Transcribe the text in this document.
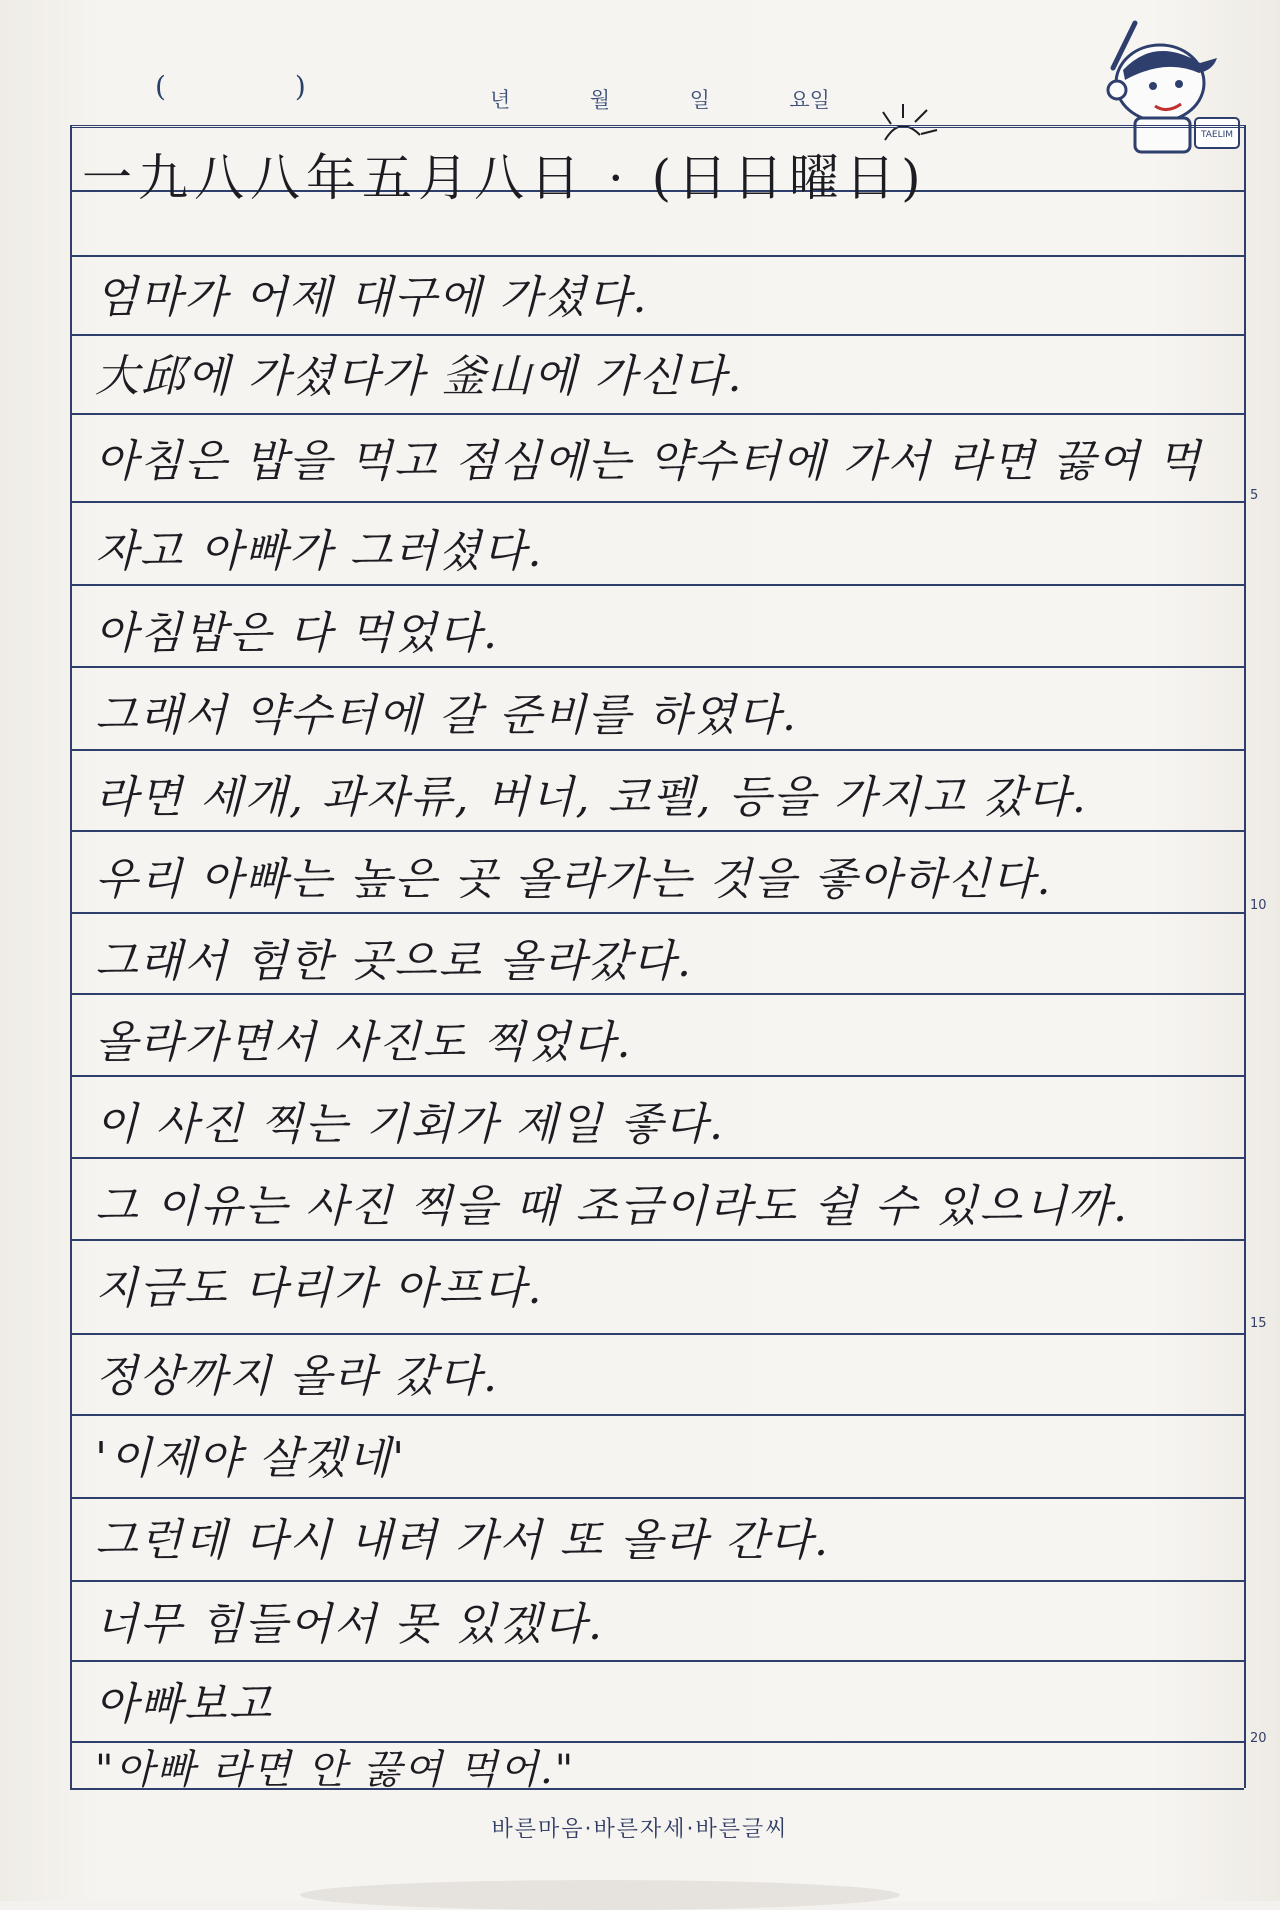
( )	년	월	일	요일
TAELIM
一九八八年五月八日 · (日日曜日)
엄마가 어제 대구에 가셨다.
大邱에 가셨다가 釜山에 가신다.
아침은 밥을 먹고 점심에는 약수터에 가서 라면 끓여 먹
자고 아빠가 그러셨다.
아침밥은 다 먹었다.
그래서 약수터에 갈 준비를 하였다.
라면 세개, 과자류, 버너, 코펠, 등을 가지고 갔다.
우리 아빠는 높은 곳 올라가는 것을 좋아하신다.
그래서 험한 곳으로 올라갔다.
올라가면서 사진도 찍었다.
이 사진 찍는 기회가 제일 좋다.
그 이유는 사진 찍을 때 조금이라도 쉴 수 있으니까.
지금도 다리가 아프다.
정상까지 올라 갔다.
'이제야 살겠네'
그런데 다시 내려 가서 또 올라 간다.
너무 힘들어서 못 있겠다.
아빠보고
"아빠 라면 안 끓여 먹어."
5
10
15
20
바른마음·바른자세·바른글씨
